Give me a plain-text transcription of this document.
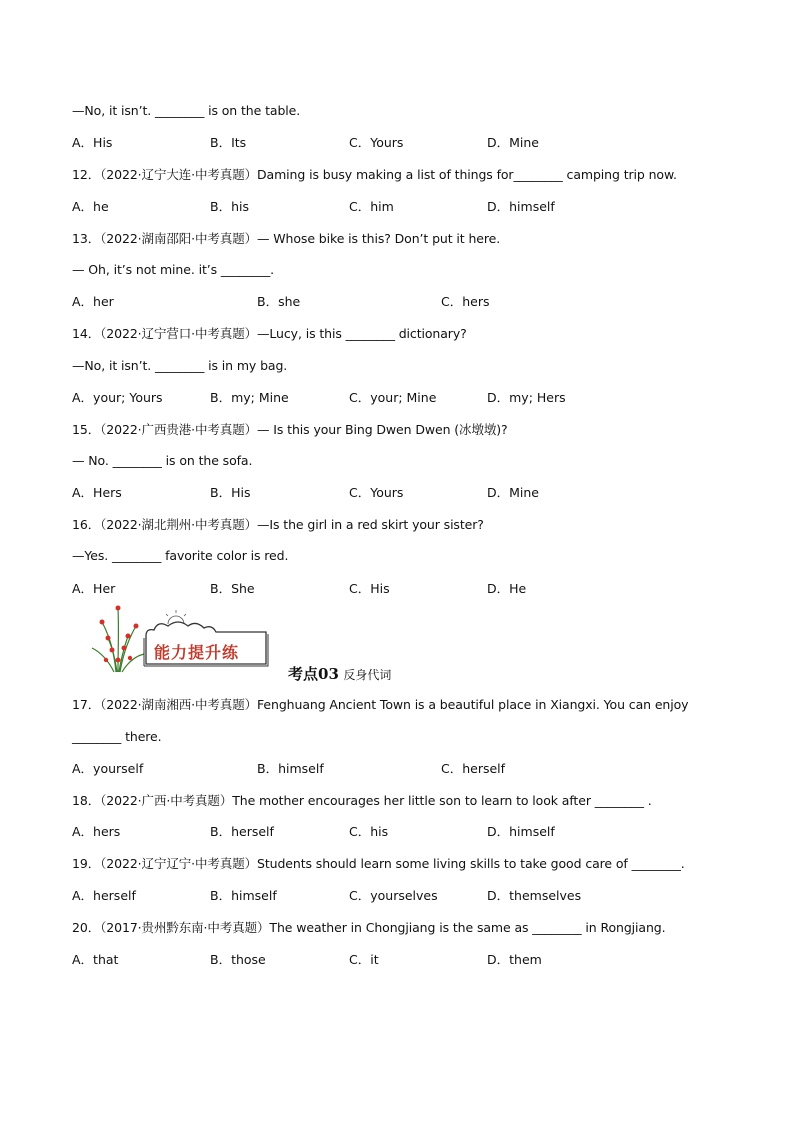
—No, it isn’t. ________ is on the table.
A．His	B．Its	C．Yours	D．Mine
12．（2022·辽宁大连·中考真题）Daming is busy making a list of things for________ camping trip now.
A．he	B．his	C．him	D．himself
13．（2022·湖南邵阳·中考真题）— Whose bike is this? Don’t put it here.
— Oh, it’s not mine. it’s ________.
A．her	B．she	C．hers
14．（2022·辽宁营口·中考真题）—Lucy, is this ________ dictionary?
—No, it isn’t. ________ is in my bag.
A．your; Yours	B．my; Mine	C．your; Mine	D．my; Hers
15．（2022·广西贵港·中考真题）— Is this your Bing Dwen Dwen (冰墩墩)?
— No. ________ is on the sofa.
A．Hers	B．His	C．Yours	D．Mine
16．（2022·湖北荆州·中考真题）—Is the girl in a red skirt your sister?
—Yes. ________ favorite color is red.
A．Her	B．She	C．His	D．He
能力提升练
考点03 反身代词
17．（2022·湖南湘西·中考真题）Fenghuang Ancient Town is a beautiful place in Xiangxi. You can enjoy
________ there.
A．yourself	B．himself	C．herself
18．（2022·广西·中考真题）The mother encourages her little son to learn to look after ________ .
A．hers	B．herself	C．his	D．himself
19．（2022·辽宁辽宁·中考真题）Students should learn some living skills to take good care of ________.
A．herself	B．himself	C．yourselves	D．themselves
20．（2017·贵州黔东南·中考真题）The weather in Chongjiang is the same as ________ in Rongjiang.
A．that	B．those	C．it	D．them
